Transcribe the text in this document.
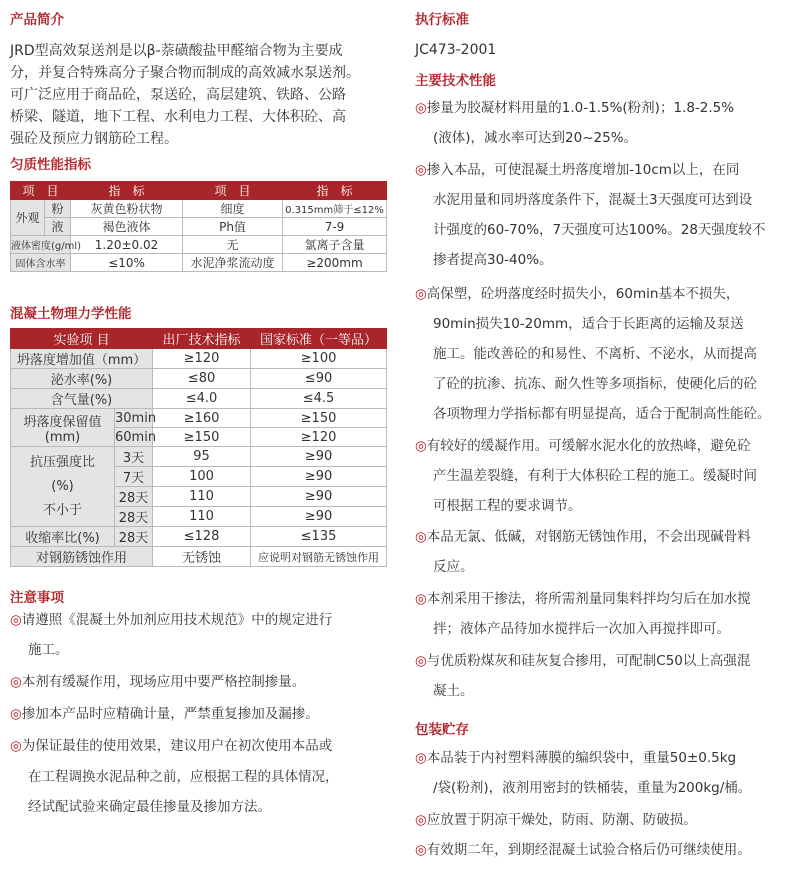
产品简介
JRD型高效泵送剂是以β-萘磺酸盐甲醛缩合物为主要成
分，并复合特殊高分子聚合物而制成的高效减水泵送剂。
可广泛应用于商品砼，泵送砼，高层建筑、铁路、公路
桥梁、隧道，地下工程、水利电力工程、大体积砼、高
强砼及预应力钢筋砼工程。
匀质性能指标
项　目		指　标	项　目	指　标
外观	粉	灰黄色粉状物	细度	0.315mm筛于≤12%
	液	褐色液体	Ph值	7-9
液体密度(g/ml)		1.20±0.02	无	氯离子含量
固体含水率		≤10%	水泥净浆流动度	≥200mm
混凝土物理力学性能
实验项 目		出厂技术指标	国家标准（一等品）
坍落度增加值（mm）		≥120	≥100
泌水率(%)		≤80	≤90
含气量(%)		≤4.0	≤4.5
坍落度保留值
(mm)	30min	≥160	≥150
	60min	≥150	≥120
抗压强度比
(%)
不小于	3天	95	≥90
	7天	100	≥90
	28天	110	≥90
	28天	110	≥90
收缩率比(%)	28天	≤128	≤135
对钢筋锈蚀作用		无锈蚀	应说明对钢筋无锈蚀作用
注意事项
◎请遵照《混凝土外加剂应用技术规范》中的规定进行
施工。
◎本剂有缓凝作用，现场应用中要严格控制掺量。
◎掺加本产品时应精确计量，严禁重复掺加及漏掺。
◎为保证最佳的使用效果，建议用户在初次使用本品或
在工程调换水泥品种之前，应根据工程的具体情况，
经试配试验来确定最佳掺量及掺加方法。
执行标准
JC473-2001
主要技术性能
◎掺量为胶凝材料用量的1.0-1.5%(粉剂)；1.8-2.5%
(液体)，减水率可达到20~25%。
◎掺入本品，可使混凝土坍落度增加-10cm以上，在同
水泥用量和同坍落度条件下，混凝土3天强度可达到设
计强度的60-70%，7天强度可达100%。28天强度较不
掺者提高30-40%。
◎高保塑，砼坍落度经时损失小，60min基本不损失，
90min损失10-20mm，适合于长距离的运输及泵送
施工。能改善砼的和易性、不离析、不泌水，从而提高
了砼的抗渗、抗冻、耐久性等多项指标，使硬化后的砼
各项物理力学指标都有明显提高，适合于配制高性能砼。
◎有较好的缓凝作用。可缓解水泥水化的放热峰，避免砼
产生温差裂缝，有利于大体积砼工程的施工。缓凝时间
可根据工程的要求调节。
◎本品无氯、低碱，对钢筋无锈蚀作用，不会出现碱骨料
反应。
◎本剂采用干掺法，将所需剂量同集料拌均匀后在加水搅
拌；液体产品待加水搅拌后一次加入再搅拌即可。
◎与优质粉煤灰和硅灰复合掺用，可配制C50以上高强混
凝土。
包装贮存
◎本品装于内衬塑料薄膜的编织袋中，重量50±0.5kg
/袋(粉剂)，液剂用密封的铁桶装，重量为200kg/桶。
◎应放置于阴凉干燥处，防雨、防潮、防破损。
◎有效期二年，到期经混凝土试验合格后仍可继续使用。
